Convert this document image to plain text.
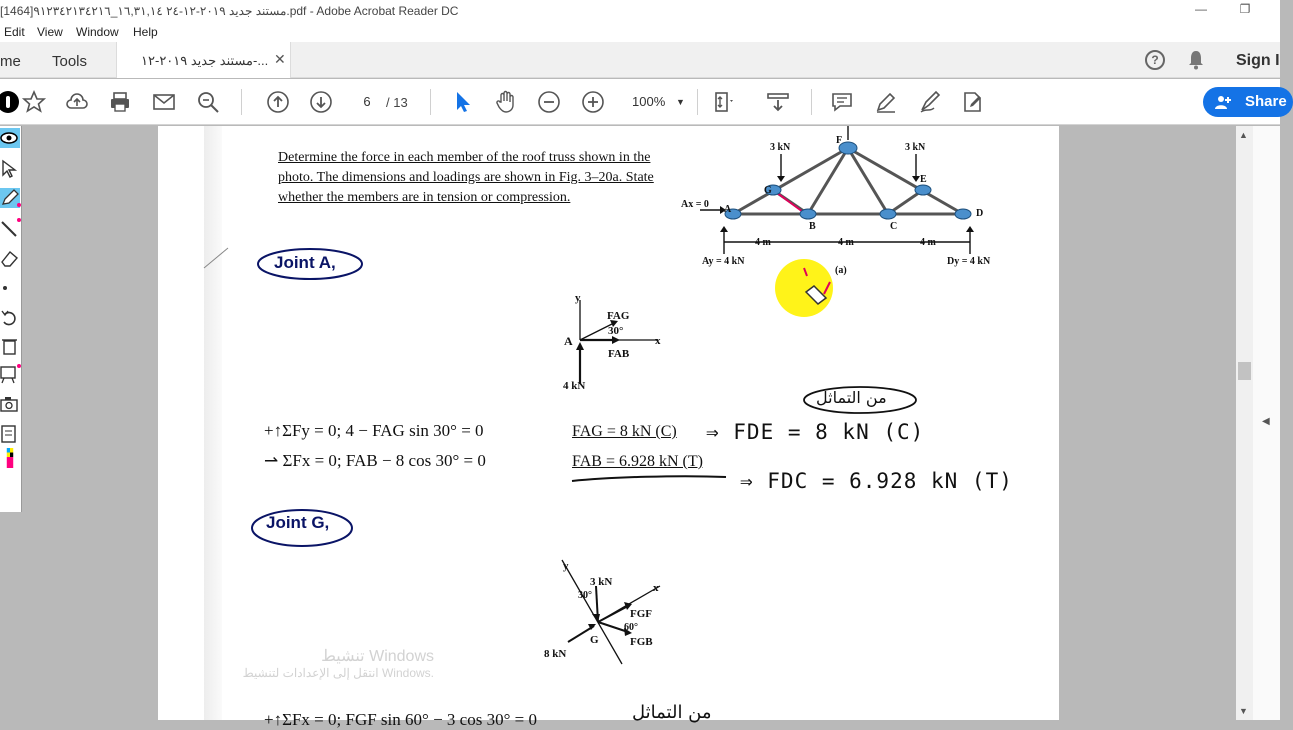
مستند جديد ٢٠١٩-١٢-٢٤ ١٦,٣١,١٤_٩١٢٣٤٢١٣٤٢١٦[1464].pdf - Adobe Acrobat Reader DC	—	❐
Edit View Window Help
me Tools	مستند جديد ٢٠١٩-١٢-... ✕	?	Sign I
6	/ 13	100% ▼	Share
Determine the force in each member of the roof truss shown in the
photo. The dimensions and loadings are shown in Fig. 3–20a. State
whether the members are in tension or compression.
3 kN	3 kN
F
G
E
A
B	C
D
Ax = 0
4 m	4 m	4 m
Ay = 4 kN	Dy = 4 kN
(a)
Joint A,
y
FAG
30°
A	x
FAB
4 kN
من التماثل
+↑ΣFy = 0; 4 − FAG sin 30° = 0
⇀ ΣFx = 0; FAB − 8 cos 30° = 0
FAG = 8 kN (C)
FAB = 6.928 kN (T)
⇒ FDE = 8 kN (C)
⇒ FDC = 6.928 kN (T)
Joint G,
y
3 kN
30°
x
FGF
60°
G	FGB
8 kN
+↑ΣFx = 0; FGF sin 60° − 3 cos 30° = 0	من التماثل
تنشيط Windows
انتقل إلى الإعدادات لتنشيط Windows.
▲
▼
◀
